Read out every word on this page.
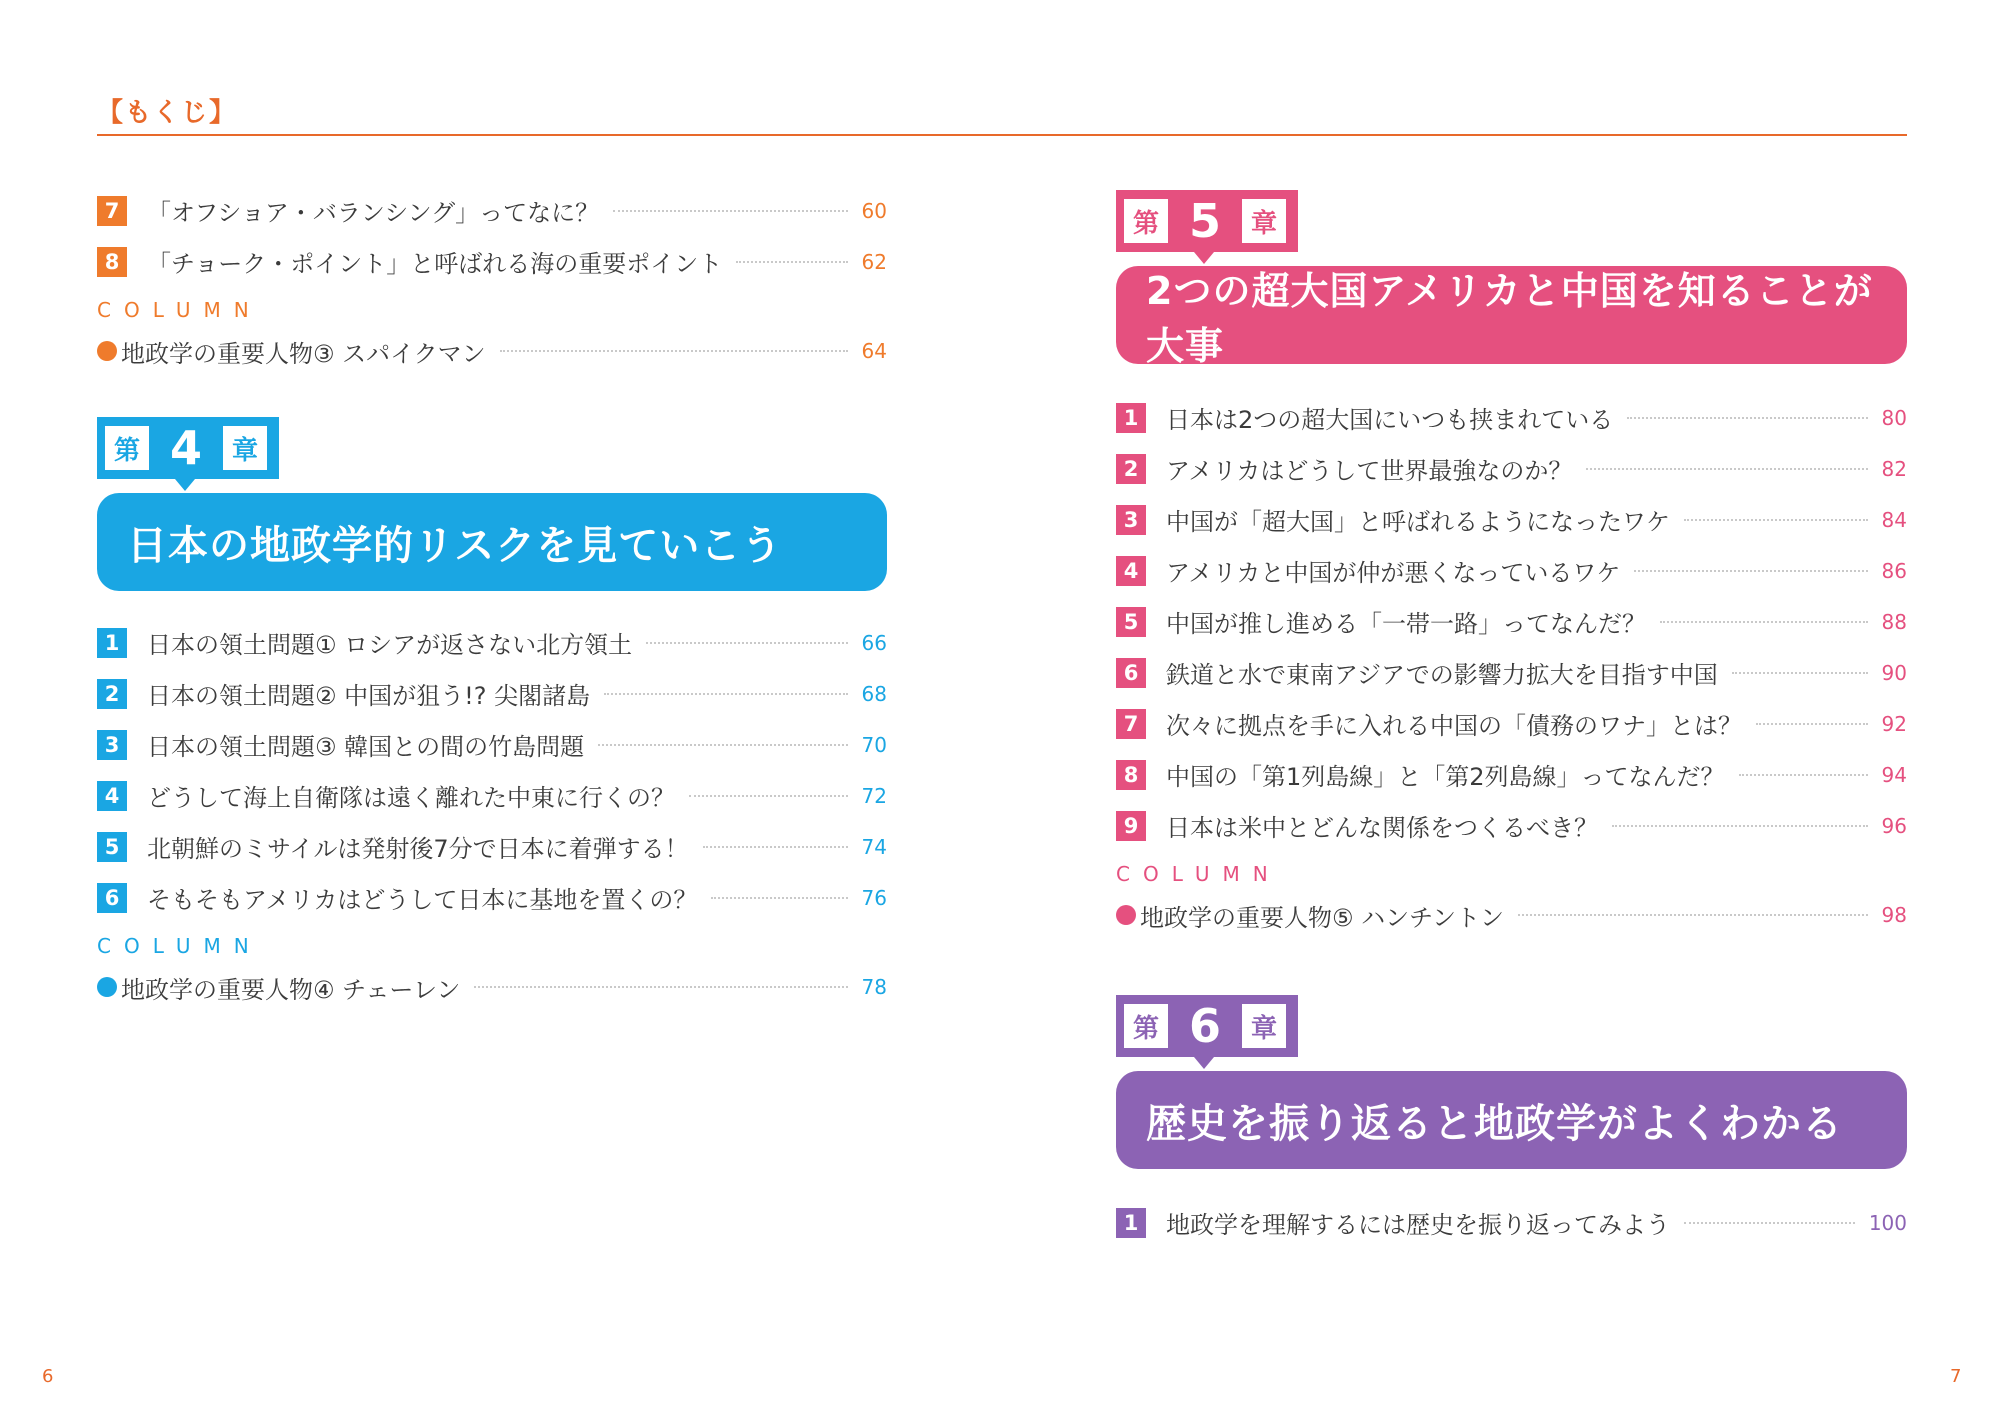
【もくじ】
7	「オフショア・バランシング」ってなに？	60
8	「チョーク・ポイント」と呼ばれる海の重要ポイント	62
COLUMN
地政学の重要人物③ スパイクマン	64
第 4	章
日本の地政学的リスクを見ていこう
1	日本の領土問題① ロシアが返さない北方領土	66
2	日本の領土問題② 中国が狙う!? 尖閣諸島	68
3	日本の領土問題③ 韓国との間の竹島問題	70
4	どうして海上自衛隊は遠く離れた中東に行くの？	72
5	北朝鮮のミサイルは発射後7分で日本に着弾する！	74
6	そもそもアメリカはどうして日本に基地を置くの？	76
COLUMN
地政学の重要人物④ チェーレン	78
第 5	章
2つの超大国アメリカと中国を知ることが大事
1	日本は2つの超大国にいつも挟まれている	80
2	アメリカはどうして世界最強なのか？	82
3	中国が「超大国」と呼ばれるようになったワケ	84
4	アメリカと中国が仲が悪くなっているワケ	86
5	中国が推し進める「一帯一路」ってなんだ？	88
6	鉄道と水で東南アジアでの影響力拡大を目指す中国	90
7	次々に拠点を手に入れる中国の「債務のワナ」とは？	92
8	中国の「第1列島線」と「第2列島線」ってなんだ？	94
9	日本は米中とどんな関係をつくるべき？	96
COLUMN
地政学の重要人物⑤ ハンチントン	98
第 6	章
歴史を振り返ると地政学がよくわかる
1	地政学を理解するには歴史を振り返ってみよう	100
6	7
